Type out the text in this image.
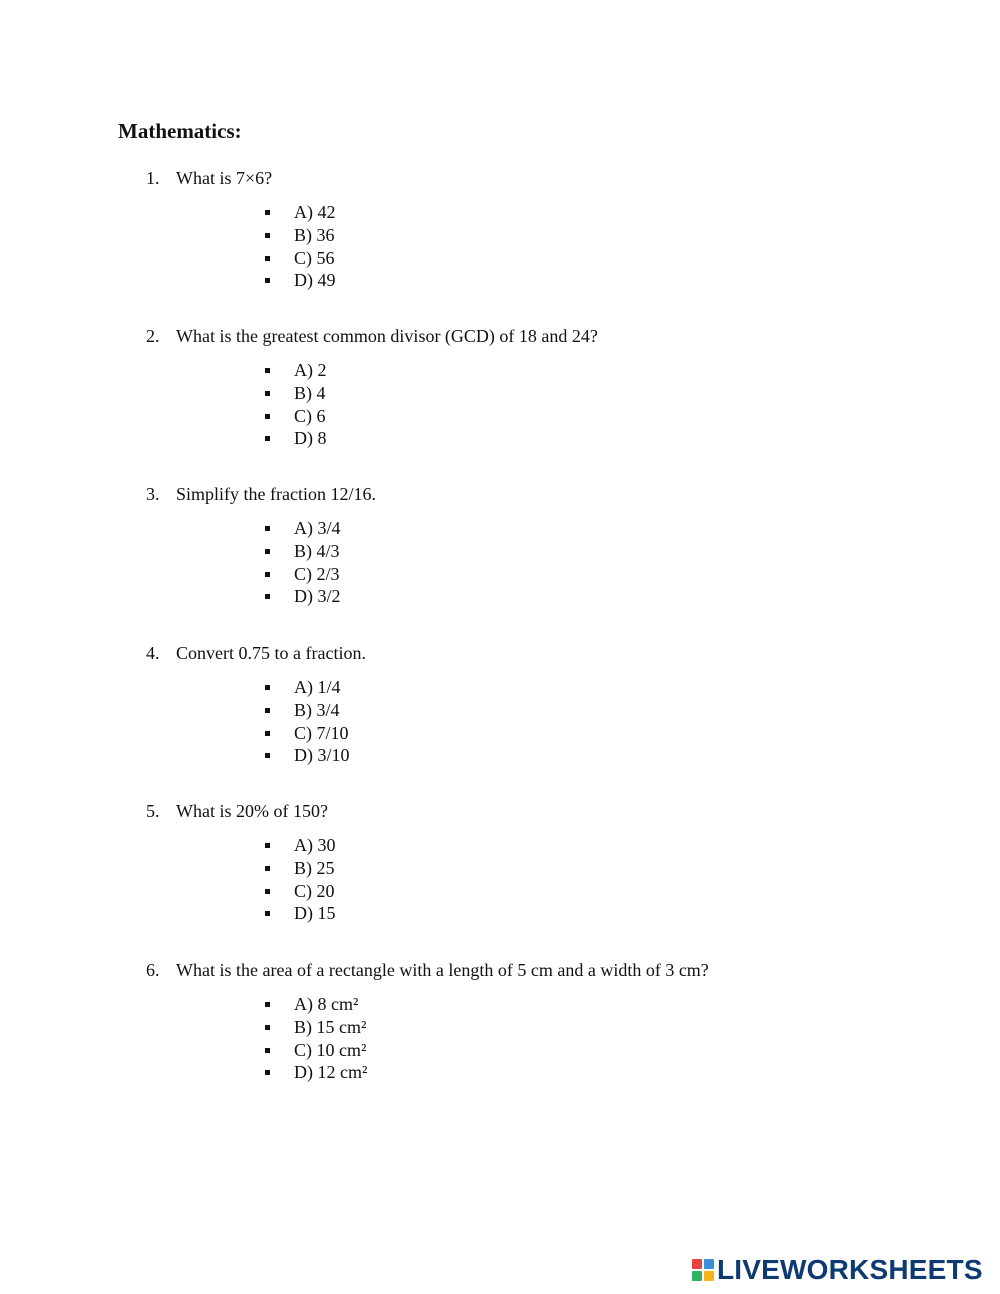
Mathematics:
1. What is 7×6?
A) 42
B) 36
C) 56
D) 49
2. What is the greatest common divisor (GCD) of 18 and 24?
A) 2
B) 4
C) 6
D) 8
3. Simplify the fraction 12/16.
A) 3/4
B) 4/3
C) 2/3
D) 3/2
4. Convert 0.75 to a fraction.
A) 1/4
B) 3/4
C) 7/10
D) 3/10
5. What is 20% of 150?
A) 30
B) 25
C) 20
D) 15
6. What is the area of a rectangle with a length of 5 cm and a width of 3 cm?
A) 8 cm²
B) 15 cm²
C) 10 cm²
D) 12 cm²
LIVEWORKSHEETS
